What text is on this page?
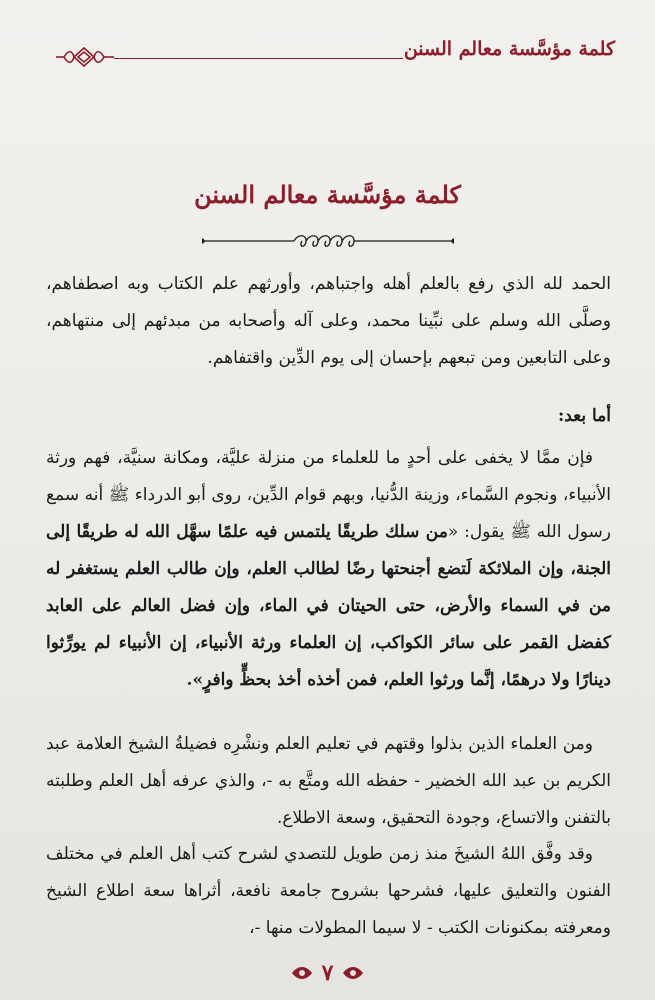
كلمة مؤسَّسة معالم السنن
كلمة مؤسَّسة معالم السنن
الحمد لله الذي رفع بالعلم أهله واجتباهم، وأورثهم علم الكتاب وبه اصطفاهم، وصلَّى الله وسلم على نبِّينا محمد، وعلى آله وأصحابه من مبدئهم إلى منتهاهم، وعلى التابعين ومن تبعهم بإحسان إلى يوم الدِّين واقتفاهم.
أما بعد:
فإن ممَّا لا يخفى على أحدٍ ما للعلماء من منزلة عليَّة، ومكانة سنيَّة، فهم ورثة الأنبياء، ونجوم السَّماء، وزينة الدُّنيا، وبهم قوام الدِّين، روى أبو الدرداء ﷺ أنه سمع رسول الله ﷺ يقول: «من سلك طريقًا يلتمس فيه علمًا سهَّل الله له طريقًا إلى الجنة، وإن الملائكة لَتضع أجنحتها رضًا لطالب العلم، وإن طالب العلم يستغفر له من في السماء والأرض، حتى الحيتان في الماء، وإن فضل العالم على العابد كفضل القمر على سائر الكواكب، إن العلماء ورثة الأنبياء، إن الأنبياء لم يورِّثوا دينارًا ولا درهمًا، إنَّما ورثوا العلم، فمن أخذه أخذ بحظٍّ وافرٍ».
ومن العلماء الذين بذلوا وقتهم في تعليم العلم ونشْرِه فضيلةُ الشيخ العلامة عبد الكريم بن عبد الله الخضير - حفظه الله ومتَّع به -، والذي عرفه أهل العلم وطلبته بالتفنن والاتساع، وجودة التحقيق، وسعة الاطلاع.
وقد وفَّق اللهُ الشيخَ منذ زمن طويل للتصدي لشرح كتب أهل العلم في مختلف الفنون والتعليق عليها، فشرحها بشروح جامعة نافعة، أثراها سعة اطلاع الشيخ ومعرفته بمكنونات الكتب - لا سيما المطولات منها -،
٧
